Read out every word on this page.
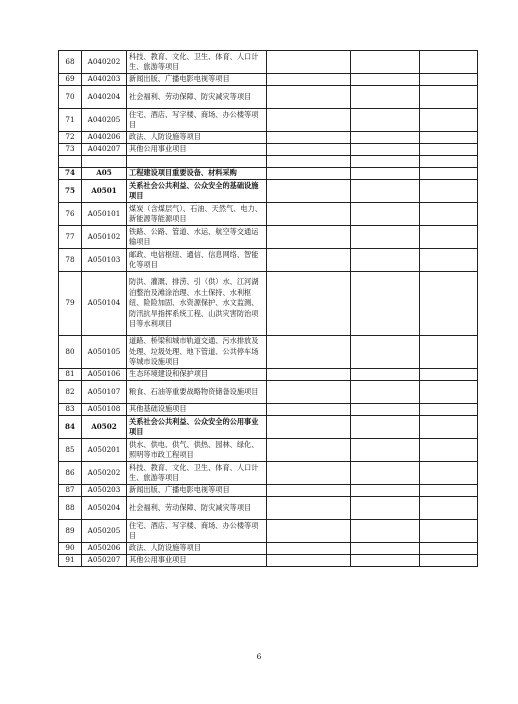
68	A040202	科技、教育、文化、卫生、体育、人口计生、旅游等项目			
69	A040203	新闻出版、广播电影电视等项目			
70	A040204	社会福利、劳动保障、防灾减灾等项目			
71	A040205	住宅、酒店、写字楼、商场、办公楼等项目			
72	A040206	政法、人防设施等项目			
73	A040207	其他公用事业项目			

74	A05	工程建设项目重要设备、材料采购			
75	A0501	关系社会公共利益、公众安全的基础设施项目			
76	A050101	煤炭（含煤层气）、石油、天然气、电力、新能源等能源项目			
77	A050102	铁路、公路、管道、水运、航空等交通运输项目			
78	A050103	邮政、电信枢纽、通信、信息网络、智能化等项目			
79	A050104	防洪、灌溉、排涝、引（供）水、江河湖泊整治及滩涂治理、水土保持、水利枢纽、险险加固、水资源保护、水文监测、防汛抗旱指挥系统工程、山洪灾害防治项目等水利项目			
80	A050105	道路、桥梁和城市轨道交通、污水排放及处理、垃圾处理、地下管道、公共停车场等城市设施项目			
81	A050106	生态环境建设和保护项目			
82	A050107	粮食、石油等重要战略物资储备设施项目			
83	A050108	其他基础设施项目			
84	A0502	关系社会公共利益、公众安全的公用事业项目			
85	A050201	供水、供电、供气、供热、园林、绿化、照明等市政工程项目			
86	A050202	科技、教育、文化、卫生、体育、人口计生、旅游等项目			
87	A050203	新闻出版、广播电影电视等项目			
88	A050204	社会福利、劳动保障、防灾减灾等项目			
89	A050205	住宅、酒店、写字楼、商场、办公楼等项目			
90	A050206	政法、人防设施等项目			
91	A050207	其他公用事业项目			
6
